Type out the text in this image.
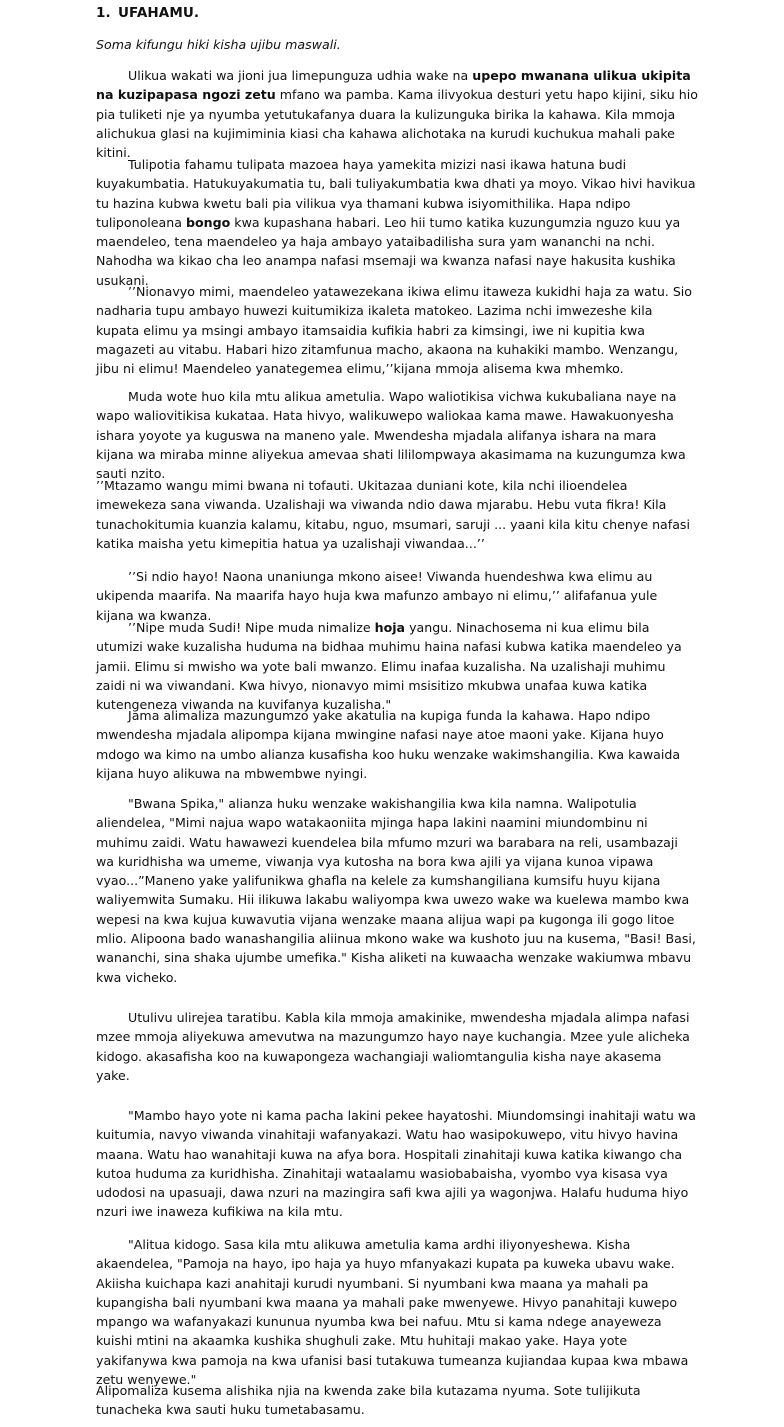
1. UFAHAMU.
Soma kifungu hiki kisha ujibu maswali.

Ulikua wakati wa jioni jua limepunguza udhia wake na upepo mwanana ulikua ukipita na kuzipapasa ngozi zetu mfano wa pamba. Kama ilivyokua desturi yetu hapo kijini, siku hio pia tuliketi nje ya nyumba yetutukafanya duara la kulizunguka birika la kahawa. Kila mmoja alichukua glasi na kujimiminia kiasi cha kahawa alichotaka na kurudi kuchukua mahali pake kitini.

Tulipotia fahamu tulipata mazoea haya yamekita mizizi nasi ikawa hatuna budi kuyakumbatia. Hatukuyakumatia tu, bali tuliyakumbatia kwa dhati ya moyo. Vikao hivi havikua tu hazina kubwa kwetu bali pia vilikua vya thamani kubwa isiyomithilika. Hapa ndipo tuliponoleana bongo kwa kupashana habari. Leo hii tumo katika kuzungumzia nguzo kuu ya maendeleo, tena maendeleo ya haja ambayo yataibadilisha sura yam wananchi na nchi. Nahodha wa kikao cha leo anampa nafasi msemaji wa kwanza nafasi naye hakusita kushika usukani.

’’Nionavyo mimi, maendeleo yatawezekana ikiwa elimu itaweza kukidhi haja za watu. Sio nadharia tupu ambayo huwezi kuitumikiza ikaleta matokeo. Lazima nchi imwezeshe kila kupata elimu ya msingi ambayo itamsaidia kufikia habri za kimsingi, iwe ni kupitia kwa magazeti au vitabu. Habari hizo zitamfunua macho, akaona na kuhakiki mambo. Wenzangu, jibu ni elimu! Maendeleo yanategemea elimu,’’kijana mmoja alisema kwa mhemko.

Muda wote huo kila mtu alikua ametulia. Wapo waliotikisa vichwa kukubaliana naye na wapo waliovitikisa kukataa. Hata hivyo, walikuwepo waliokaa kama mawe. Hawakuonyesha ishara yoyote ya kuguswa na maneno yale. Mwendesha mjadala alifanya ishara na mara kijana wa miraba minne aliyekua amevaa shati lililompwaya akasimama na kuzungumza kwa sauti nzito.

’’Mtazamo wangu mimi bwana ni tofauti. Ukitazaa duniani kote, kila nchi ilioendelea imewekeza sana viwanda. Uzalishaji wa viwanda ndio dawa mjarabu. Hebu vuta fikra! Kila tunachokitumia kuanzia kalamu, kitabu, nguo, msumari, saruji ... yaani kila kitu chenye nafasi katika maisha yetu kimepitia hatua ya uzalishaji viwandaa...’’

’’Si ndio hayo! Naona unaniunga mkono aisee! Viwanda huendeshwa kwa elimu au ukipenda maarifa. Na maarifa hayo huja kwa mafunzo ambayo ni elimu,’’ alifafanua yule kijana wa kwanza.

’’Nipe muda Sudi! Nipe muda nimalize hoja yangu. Ninachosema ni kua elimu bila utumizi wake kuzalisha huduma na bidhaa muhimu haina nafasi kubwa katika maendeleo ya jamii. Elimu si mwisho wa yote bali mwanzo. Elimu inafaa kuzalisha. Na uzalishaji muhimu zaidi ni wa viwandani. Kwa hivyo, nionavyo mimi msisitizo mkubwa unafaa kuwa katika kutengeneza viwanda na kuvifanya kuzalisha."

Jama alimaliza mazungumzo yake akatulia na kupiga funda la kahawa. Hapo ndipo mwendesha mjadala alipompa kijana mwingine nafasi naye atoe maoni yake. Kijana huyo mdogo wa kimo na umbo alianza kusafisha koo huku wenzake wakimshangilia. Kwa kawaida kijana huyo alikuwa na mbwembwe nyingi.

"Bwana Spika," alianza huku wenzake wakishangilia kwa kila namna. Walipotulia aliendelea, "Mimi najua wapo watakaoniita mjinga hapa lakini naamini miundombinu ni muhimu zaidi. Watu hawawezi kuendelea bila mfumo mzuri wa barabara na reli, usambazaji wa kuridhisha wa umeme, viwanja vya kutosha na bora kwa ajili ya vijana kunoa vipawa vyao...”Maneno yake yalifunikwa ghafla na kelele za kumshangiliana kumsifu huyu kijana waliyemwita Sumaku. Hii ilikuwa lakabu waliyompa kwa uwezo wake wa kuelewa mambo kwa wepesi na kwa kujua kuwavutia vijana wenzake maana alijua wapi pa kugonga ili gogo litoe mlio. Alipoona bado wanashangilia aliinua mkono wake wa kushoto juu na kusema, "Basi! Basi, wananchi, sina shaka ujumbe umefika." Kisha aliketi na kuwaacha wenzake wakiumwa mbavu kwa vicheko.

Utulivu ulirejea taratibu. Kabla kila mmoja amakinike, mwendesha mjadala alimpa nafasi mzee mmoja aliyekuwa amevutwa na mazungumzo hayo naye kuchangia. Mzee yule alicheka kidogo. akasafisha koo na kuwapongeza wachangiaji waliomtangulia kisha naye akasema yake.

"Mambo hayo yote ni kama pacha lakini pekee hayatoshi. Miundomsingi inahitaji watu wa kuitumia, navyo viwanda vinahitaji wafanyakazi. Watu hao wasipokuwepo, vitu hivyo havina maana. Watu hao wanahitaji kuwa na afya bora. Hospitali zinahitaji kuwa katika kiwango cha kutoa huduma za kuridhisha. Zinahitaji wataalamu wasiobabaisha, vyombo vya kisasa vya udodosi na upasuaji, dawa nzuri na mazingira safi kwa ajili ya wagonjwa. Halafu huduma hiyo nzuri iwe inaweza kufikiwa na kila mtu.

"Alitua kidogo. Sasa kila mtu alikuwa ametulia kama ardhi iliyonyeshewa. Kisha akaendelea, "Pamoja na hayo, ipo haja ya huyo mfanyakazi kupata pa kuweka ubavu wake. Akiisha kuichapa kazi anahitaji kurudi nyumbani. Si nyumbani kwa maana ya mahali pa kupangisha bali nyumbani kwa maana ya mahali pake mwenyewe. Hivyo panahitaji kuwepo mpango wa wafanyakazi kununua nyumba kwa bei nafuu. Mtu si kama ndege anayeweza kuishi mtini na akaamka kushika shughuli zake. Mtu huhitaji makao yake. Haya yote yakifanywa kwa pamoja na kwa ufanisi basi tutakuwa tumeanza kujiandaa kupaa kwa mbawa zetu wenyewe."

Alipomaliza kusema alishika njia na kwenda zake bila kutazama nyuma. Sote tulijikuta tunacheka kwa sauti huku tumetabasamu.
